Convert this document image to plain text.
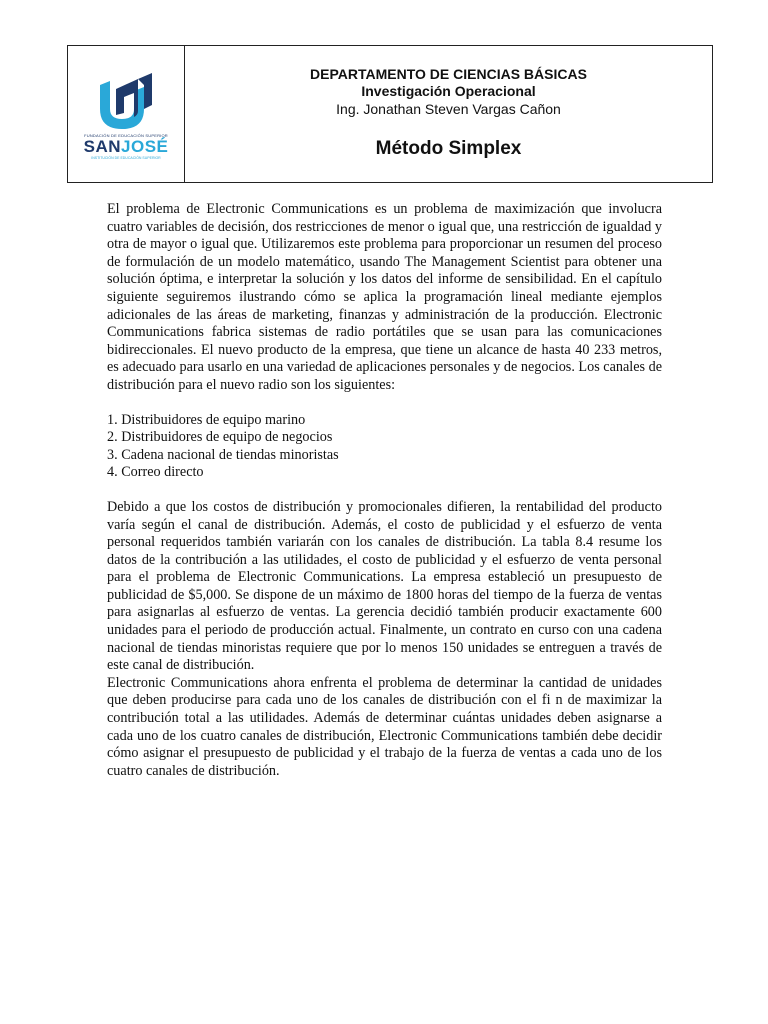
FUNDACIÓN DE EDUCACIÓN SUPERIOR
SANJOSÉ
INSTITUCIÓN DE EDUCACIÓN SUPERIOR
DEPARTAMENTO DE CIENCIAS BÁSICAS
Investigación Operacional
Ing. Jonathan Steven Vargas Cañon
Método Simplex

El problema de Electronic Communications es un problema de maximización que involucra cuatro variables de decisión, dos restricciones de menor o igual que, una restricción de igualdad y otra de mayor o igual que. Utilizaremos este problema para proporcionar un resumen del proceso de formulación de un modelo matemático, usando The Management Scientist para obtener una solución óptima, e interpretar la solución y los datos del informe de sensibilidad. En el capítulo siguiente seguiremos ilustrando cómo se aplica la programación lineal mediante ejemplos adicionales de las áreas de marketing, finanzas y administración de la producción. Electronic Communications fabrica sistemas de radio portátiles que se usan para las comunicaciones bidireccionales. El nuevo producto de la empresa, que tiene un alcance de hasta 40 233 metros, es adecuado para usarlo en una variedad de aplicaciones personales y de negocios. Los canales de distribución para el nuevo radio son los siguientes:

1. Distribuidores de equipo marino
2. Distribuidores de equipo de negocios
3. Cadena nacional de tiendas minoristas
4. Correo directo

Debido a que los costos de distribución y promocionales difieren, la rentabilidad del producto varía según el canal de distribución. Además, el costo de publicidad y el esfuerzo de venta personal requeridos también variarán con los canales de distribución. La tabla 8.4 resume los datos de la contribución a las utilidades, el costo de publicidad y el esfuerzo de venta personal para el problema de Electronic Communications. La empresa estableció un presupuesto de publicidad de $5,000. Se dispone de un máximo de 1800 horas del tiempo de la fuerza de ventas para asignarlas al esfuerzo de ventas. La gerencia decidió también producir exactamente 600 unidades para el periodo de producción actual. Finalmente, un contrato en curso con una cadena nacional de tiendas minoristas requiere que por lo menos 150 unidades se entreguen a través de este canal de distribución.

Electronic Communications ahora enfrenta el problema de determinar la cantidad de unidades que deben producirse para cada uno de los canales de distribución con el fi n de maximizar la contribución total a las utilidades. Además de determinar cuántas unidades deben asignarse a cada uno de los cuatro canales de distribución, Electronic Communications también debe decidir cómo asignar el presupuesto de publicidad y el trabajo de la fuerza de ventas a cada uno de los cuatro canales de distribución.
